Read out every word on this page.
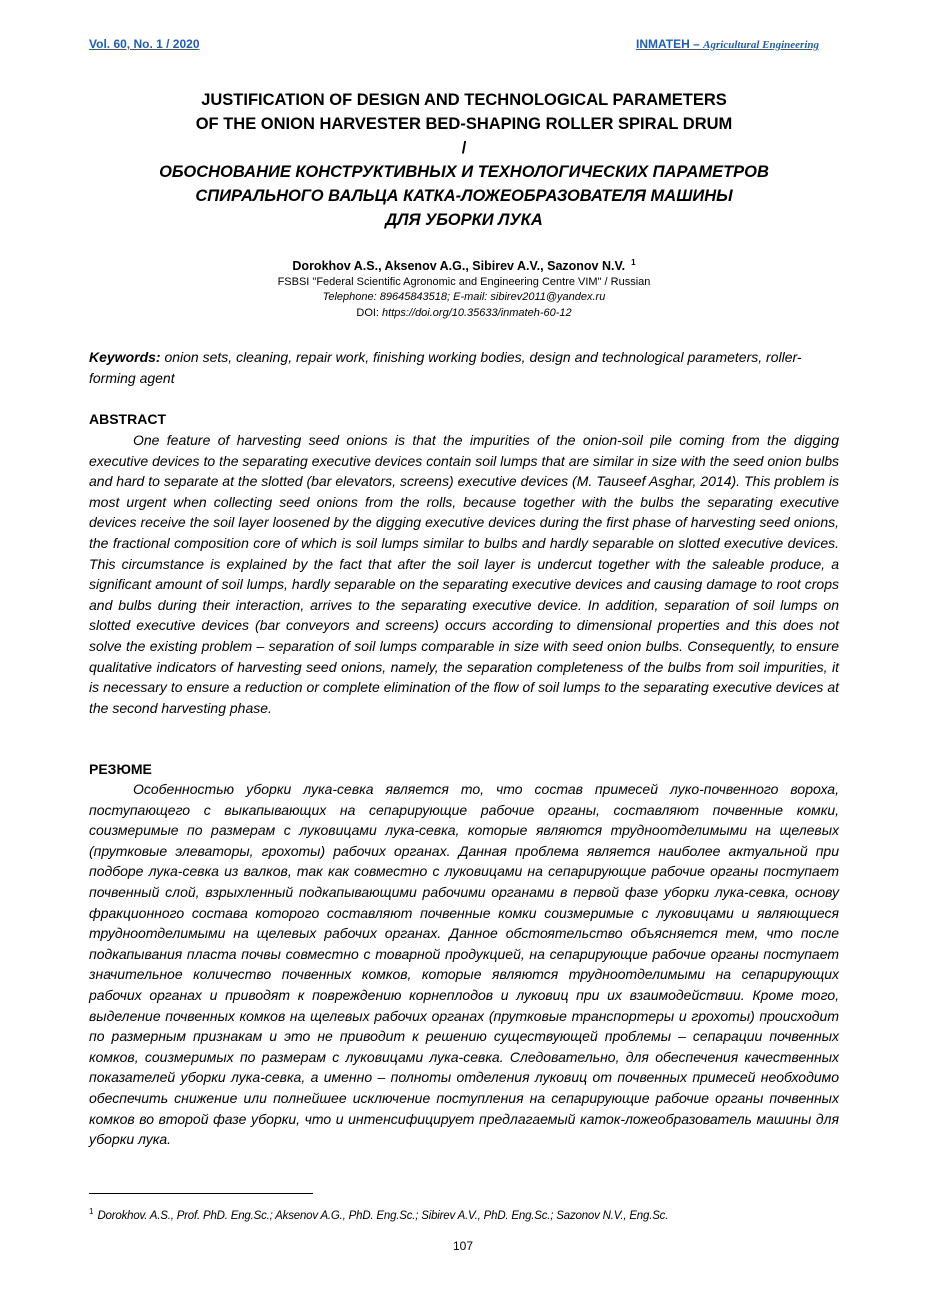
Vol. 60, No. 1 / 2020	INMATEH – Agricultural Engineering
JUSTIFICATION OF DESIGN AND TECHNOLOGICAL PARAMETERS
OF THE ONION HARVESTER BED-SHAPING ROLLER SPIRAL DRUM
/
ОБОСНОВАНИЕ КОНСТРУКТИВНЫХ И ТЕХНОЛОГИЧЕСКИХ ПАРАМЕТРОВ
СПИРАЛЬНОГО ВАЛЬЦА КАТКА-ЛОЖЕОБРАЗОВАТЕЛЯ МАШИНЫ
ДЛЯ УБОРКИ ЛУКА
Dorokhov A.S., Aksenov A.G., Sibirev A.V., Sazonov N.V. $^1$
FSBSI "Federal Scientific Agronomic and Engineering Centre VIM" / Russian
Telephone: 89645843518; E-mail: sibirev2011@yandex.ru
DOI: https://doi.org/10.35633/inmateh-60-12
Keywords: onion sets, cleaning, repair work, finishing working bodies, design and technological parameters, roller-forming agent
ABSTRACT
One feature of harvesting seed onions is that the impurities of the onion-soil pile coming from the digging executive devices to the separating executive devices contain soil lumps that are similar in size with the seed onion bulbs and hard to separate at the slotted (bar elevators, screens) executive devices (M. Tauseef Asghar, 2014). This problem is most urgent when collecting seed onions from the rolls, because together with the bulbs the separating executive devices receive the soil layer loosened by the digging executive devices during the first phase of harvesting seed onions, the fractional composition core of which is soil lumps similar to bulbs and hardly separable on slotted executive devices. This circumstance is explained by the fact that after the soil layer is undercut together with the saleable produce, a significant amount of soil lumps, hardly separable on the separating executive devices and causing damage to root crops and bulbs during their interaction, arrives to the separating executive device. In addition, separation of soil lumps on slotted executive devices (bar conveyors and screens) occurs according to dimensional properties and this does not solve the existing problem – separation of soil lumps comparable in size with seed onion bulbs. Consequently, to ensure qualitative indicators of harvesting seed onions, namely, the separation completeness of the bulbs from soil impurities, it is necessary to ensure a reduction or complete elimination of the flow of soil lumps to the separating executive devices at the second harvesting phase.
РЕЗЮМЕ
Особенностью уборки лука-севка является то, что состав примесей луко-почвенного вороха, поступающего с выкапывающих на сепарирующие рабочие органы, составляют почвенные комки, соизмеримые по размерам с луковицами лука-севка, которые являются трудноотделимыми на щелевых (прутковые элеваторы, грохоты) рабочих органах. Данная проблема является наиболее актуальной при подборе лука-севка из валков, так как совместно с луковицами на сепарирующие рабочие органы поступает почвенный слой, взрыхленный подкапывающими рабочими органами в первой фазе уборки лука-севка, основу фракционного состава которого составляют почвенные комки соизмеримые с луковицами и являющиеся трудноотделимыми на щелевых рабочих органах. Данное обстоятельство объясняется тем, что после подкапывания пласта почвы совместно с товарной продукцией, на сепарирующие рабочие органы поступает значительное количество почвенных комков, которые являются трудноотделимыми на сепарирующих рабочих органах и приводят к повреждению корнеплодов и луковиц при их взаимодействии. Кроме того, выделение почвенных комков на щелевых рабочих органах (прутковые транспортеры и грохоты) происходит по размерным признакам и это не приводит к решению существующей проблемы – сепарации почвенных комков, соизмеримых по размерам с луковицами лука-севка. Следовательно, для обеспечения качественных показателей уборки лука-севка, а именно – полноты отделения луковиц от почвенных примесей необходимо обеспечить снижение или полнейшее исключение поступления на сепарирующие рабочие органы почвенных комков во второй фазе уборки, что и интенсифицирует предлагаемый каток-ложеобразователь машины для уборки лука.
$^1$ Dorokhov. A.S., Prof. PhD. Eng.Sc.; Aksenov A.G., PhD. Eng.Sc.; Sibirev A.V., PhD. Eng.Sc.; Sazonov N.V., Eng.Sc.
107
